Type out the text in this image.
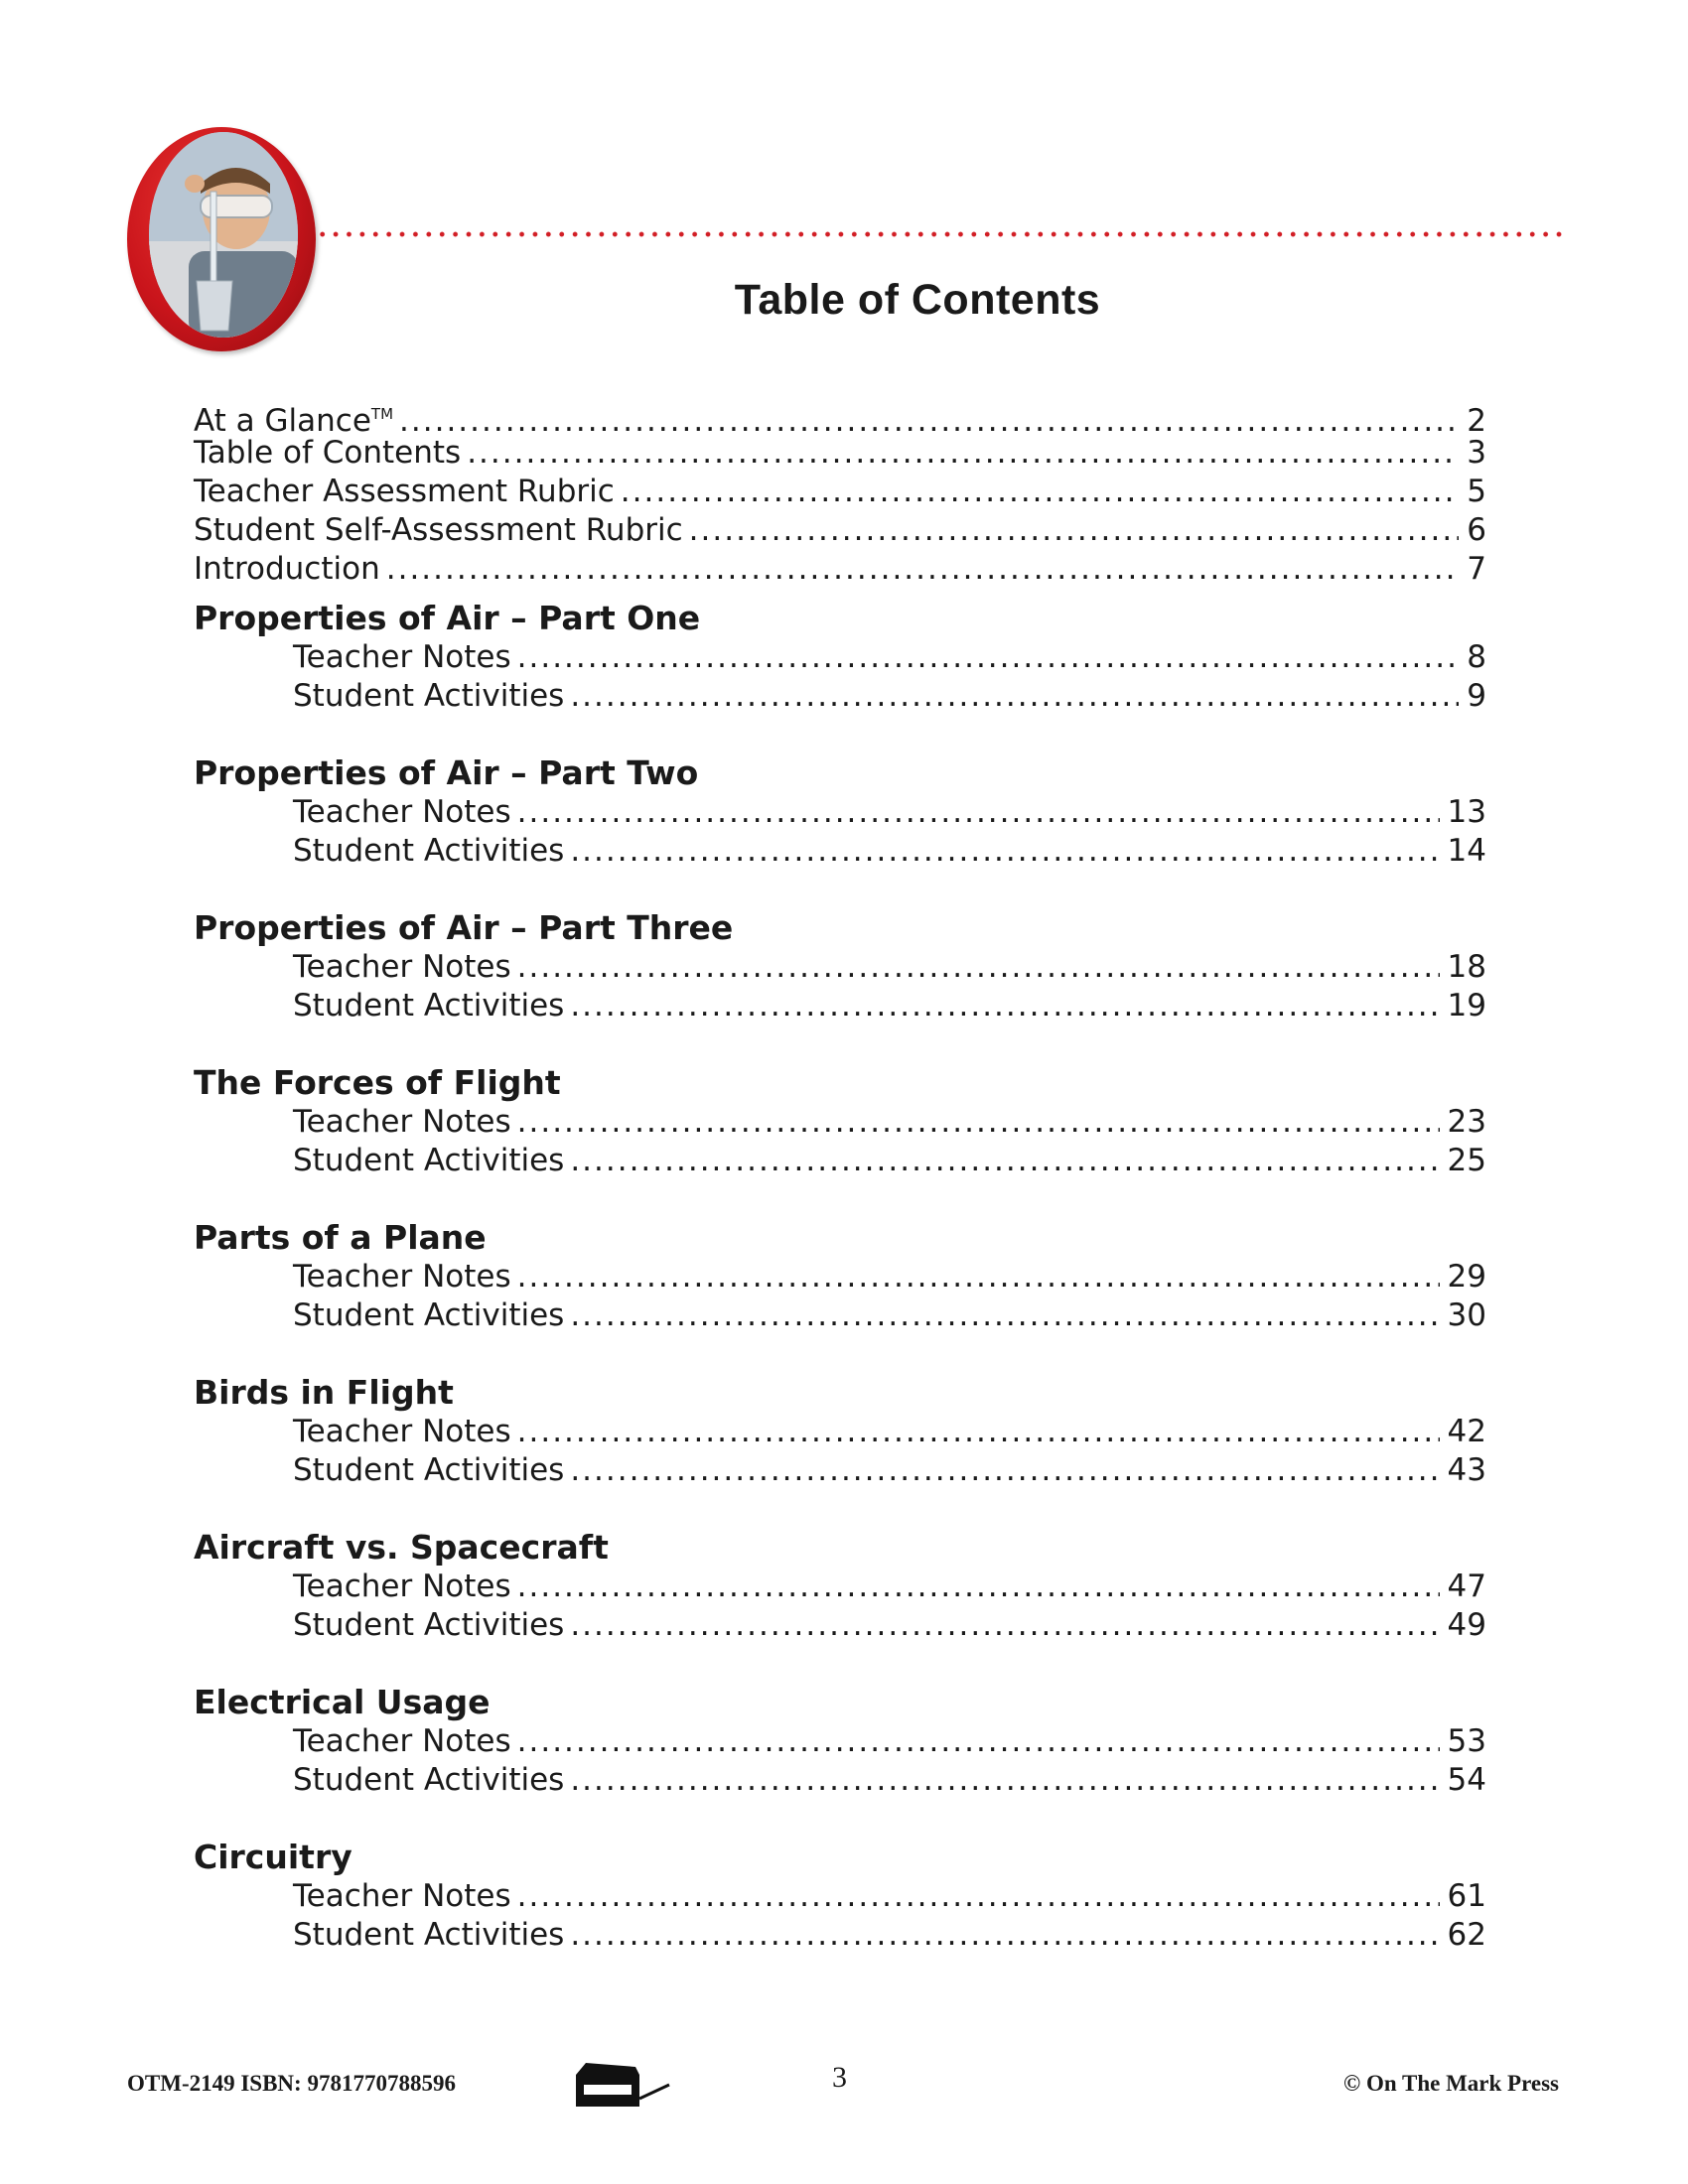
Table of Contents
At a Glance™ .....	2
Table of Contents .....	3
Teacher Assessment Rubric .....	5
Student Self-Assessment Rubric .....	6
Introduction .....	7
Properties of Air – Part One
Teacher Notes .....	8
Student Activities .....	9
Properties of Air – Part Two
Teacher Notes .....	13
Student Activities .....	14
Properties of Air – Part Three
Teacher Notes .....	18
Student Activities .....	19
The Forces of Flight
Teacher Notes .....	23
Student Activities .....	25
Parts of a Plane
Teacher Notes .....	29
Student Activities .....	30
Birds in Flight
Teacher Notes .....	42
Student Activities .....	43
Aircraft vs. Spacecraft
Teacher Notes .....	47
Student Activities .....	49
Electrical Usage
Teacher Notes .....	53
Student Activities .....	54
Circuitry
Teacher Notes .....	61
Student Activities .....	62
OTM-2149 ISBN: 9781770788596	3	© On The Mark Press
